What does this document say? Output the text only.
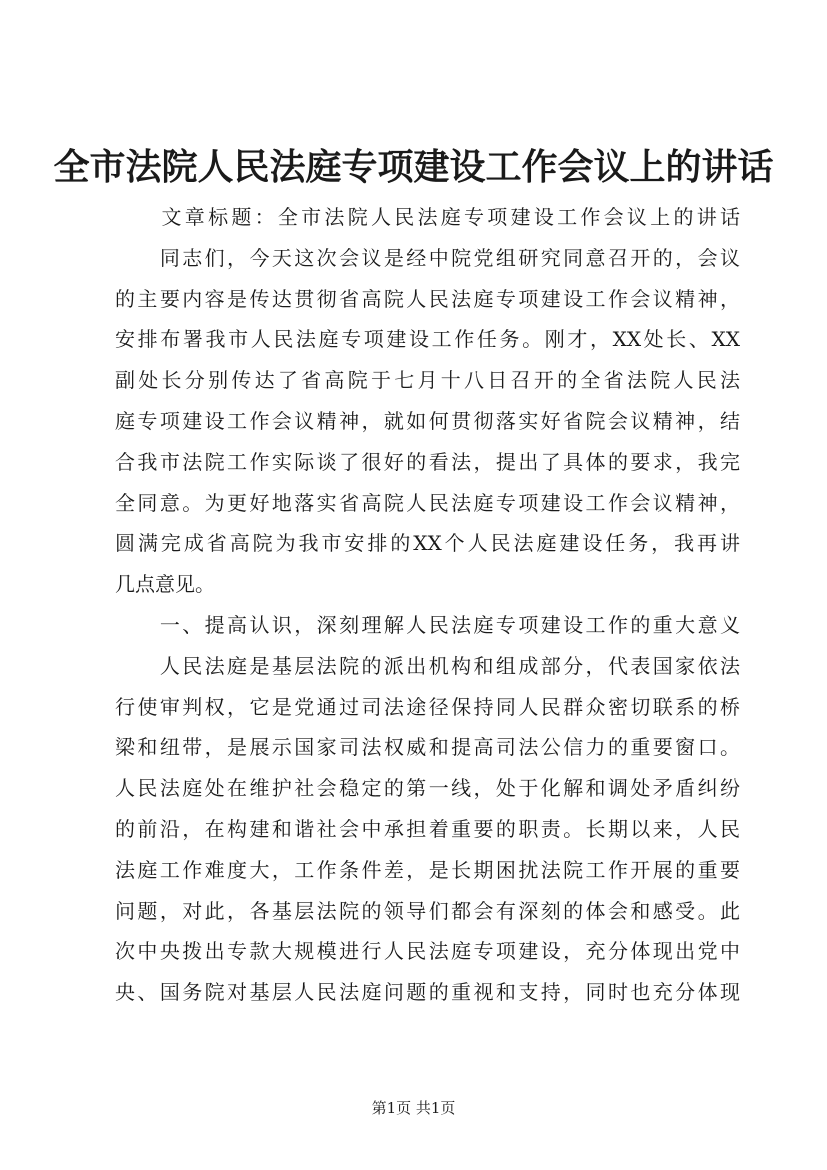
全市法院人民法庭专项建设工作会议上的讲话
　　文章标题：全市法院人民法庭专项建设工作会议上的讲话
　　同志们，今天这次会议是经中院党组研究同意召开的，会议
的主要内容是传达贯彻省高院人民法庭专项建设工作会议精神，
安排布署我市人民法庭专项建设工作任务。刚才，XX处长、XX
副处长分别传达了省高院于七月十八日召开的全省法院人民法
庭专项建设工作会议精神，就如何贯彻落实好省院会议精神，结
合我市法院工作实际谈了很好的看法，提出了具体的要求，我完
全同意。为更好地落实省高院人民法庭专项建设工作会议精神，
圆满完成省高院为我市安排的XX个人民法庭建设任务，我再讲
几点意见。
　　一、提高认识，深刻理解人民法庭专项建设工作的重大意义
　　人民法庭是基层法院的派出机构和组成部分，代表国家依法
行使审判权，它是党通过司法途径保持同人民群众密切联系的桥
梁和纽带，是展示国家司法权威和提高司法公信力的重要窗口。
人民法庭处在维护社会稳定的第一线，处于化解和调处矛盾纠纷
的前沿，在构建和谐社会中承担着重要的职责。长期以来，人民
法庭工作难度大，工作条件差，是长期困扰法院工作开展的重要
问题，对此，各基层法院的领导们都会有深刻的体会和感受。此
次中央拨出专款大规模进行人民法庭专项建设，充分体现出党中
央、国务院对基层人民法庭问题的重视和支持，同时也充分体现
第1页 共1页
